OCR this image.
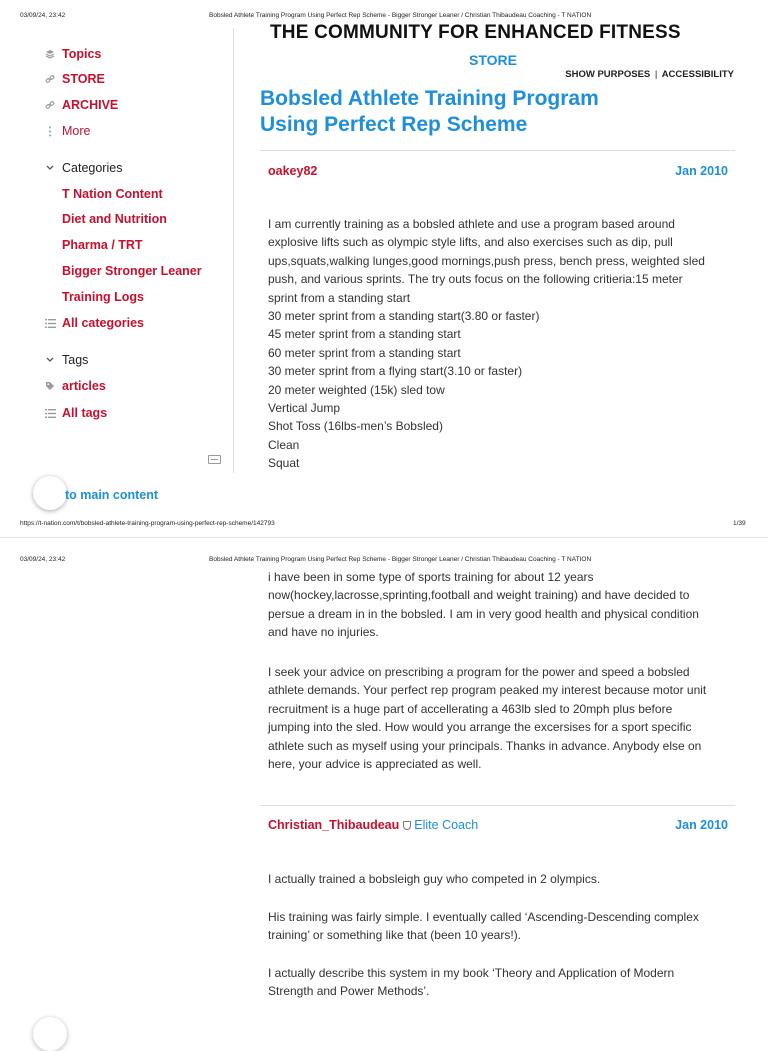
03/09/24, 23:42	Bobsled Athlete Training Program Using Perfect Rep Scheme - Bigger Stronger Leaner / Christian Thibaudeau Coaching - T NATION
THE COMMUNITY FOR ENHANCED FITNESS
STORE
SHOW PURPOSES | ACCESSIBILITY
Bobsled Athlete Training Program
Using Perfect Rep Scheme
Topics
STORE
ARCHIVE
More
Categories
T Nation Content
Diet and Nutrition
Pharma / TRT
Bigger Stronger Leaner
Training Logs
All categories
Tags
articles
All tags
oakey82	Jan 2010
I am currently training as a bobsled athlete and use a program based around
explosive lifts such as olympic style lifts, and also exercises such as dip, pull
ups,squats,walking lunges,good mornings,push press, bench press, weighted sled
push, and various sprints. The try outs focus on the following critieria:15 meter
sprint from a standing start
30 meter sprint from a standing start(3.80 or faster)
45 meter sprint from a standing start
60 meter sprint from a standing start
30 meter sprint from a flying start(3.10 or faster)
20 meter weighted (15k) sled tow
Vertical Jump
Shot Toss (16lbs-men’s Bobsled)
Clean
Squat
to main content
https://t-nation.com/t/bobsled-athlete-training-program-using-perfect-rep-scheme/142793	1/39
03/09/24, 23:42	Bobsled Athlete Training Program Using Perfect Rep Scheme - Bigger Stronger Leaner / Christian Thibaudeau Coaching - T NATION
i have been in some type of sports training for about 12 years
now(hockey,lacrosse,sprinting,football and weight training) and have decided to
persue a dream in in the bobsled. I am in very good health and physical condition
and have no injuries.
I seek your advice on prescribing a program for the power and speed a bobsled
athlete demands. Your perfect rep program peaked my interest because motor unit
recruitment is a huge part of accellerating a 463lb sled to 20mph plus before
jumping into the sled. How would you arrange the excersises for a sport specific
athlete such as myself using your principals. Thanks in advance. Anybody else on
here, your advice is appreciated as well.
Christian_Thibaudeau Elite Coach	Jan 2010
I actually trained a bobsleigh guy who competed in 2 olympics.
His training was fairly simple. I eventually called ‘Ascending-Descending complex
training’ or something like that (been 10 years!).
I actually describe this system in my book ‘Theory and Application of Modern
Strength and Power Methods’.
